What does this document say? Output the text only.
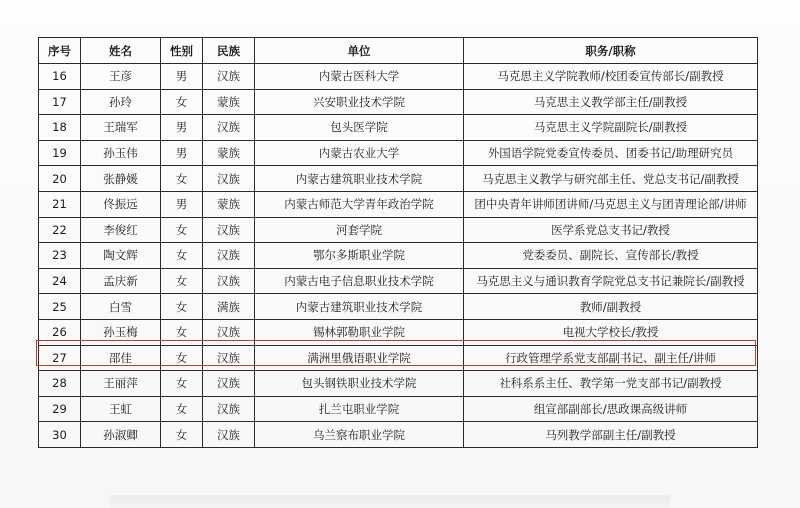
序号	姓名	性别	民族	单位	职务/职称
16	王彦	男	汉族	内蒙古医科大学	马克思主义学院教师/校团委宣传部长/副教授
17	孙玲	女	蒙族	兴安职业技术学院	马克思主义教学部主任/副教授
18	王瑞军	男	汉族	包头医学院	马克思主义学院副院长/副教授
19	孙玉伟	男	蒙族	内蒙古农业大学	外国语学院党委宣传委员、团委书记/助理研究员
20	张静媛	女	汉族	内蒙古建筑职业技术学院	马克思主义教学与研究部主任、党总支书记/副教授
21	佟振远	男	蒙族	内蒙古师范大学青年政治学院	团中央青年讲师团讲师/马克思主义与团青理论部/讲师
22	李俊红	女	汉族	河套学院	医学系党总支书记/教授
23	陶文辉	女	汉族	鄂尔多斯职业学院	党委委员、副院长、宣传部长/教授
24	孟庆新	女	汉族	内蒙古电子信息职业技术学院	马克思主义与通识教育学院党总支书记兼院长/副教授
25	白雪	女	满族	内蒙古建筑职业技术学院	教师/副教授
26	孙玉梅	女	汉族	锡林郭勒职业学院	电视大学校长/教授
27	邵佳	女	汉族	满洲里俄语职业学院	行政管理学系党支部副书记、副主任/讲师
28	王丽萍	女	汉族	包头钢铁职业技术学院	社科系系主任、教学第一党支部书记/副教授
29	王虹	女	汉族	扎兰屯职业学院	组宣部副部长/思政课高级讲师
30	孙淑卿	女	汉族	乌兰察布职业学院	马列教学部副主任/副教授
